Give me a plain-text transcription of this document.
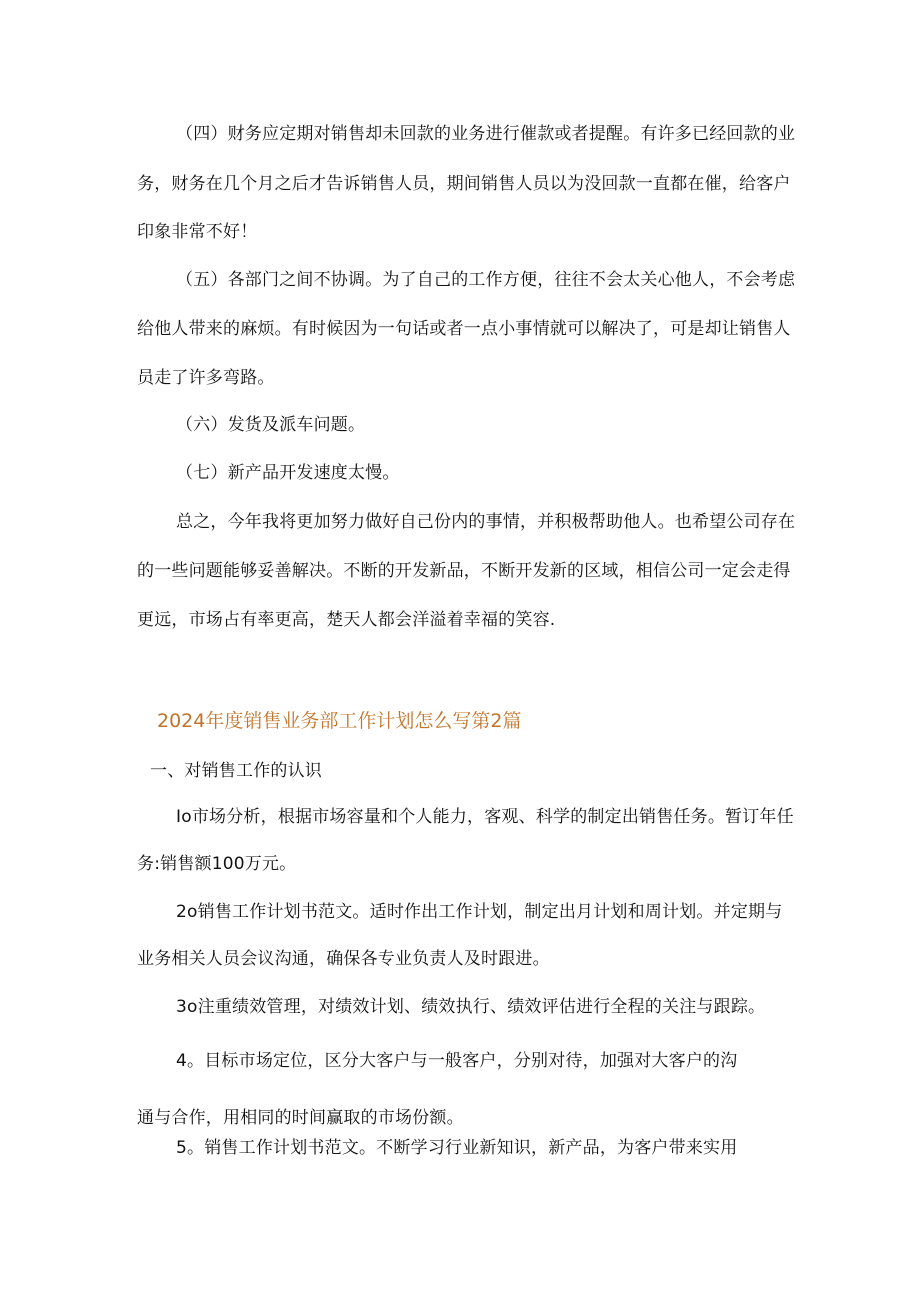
（四）财务应定期对销售却未回款的业务进行催款或者提醒。有许多已经回款的业
务，财务在几个月之后才告诉销售人员，期间销售人员以为没回款一直都在催，给客户
印象非常不好！
（五）各部门之间不协调。为了自己的工作方便，往往不会太关心他人，不会考虑
给他人带来的麻烦。有时候因为一句话或者一点小事情就可以解决了，可是却让销售人
员走了许多弯路。
（六）发货及派车问题。
（七）新产品开发速度太慢。
总之，今年我将更加努力做好自己份内的事情，并积极帮助他人。也希望公司存在
的一些问题能够妥善解决。不断的开发新品，不断开发新的区域，相信公司一定会走得
更远，市场占有率更高，楚天人都会洋溢着幸福的笑容.
2024年度销售业务部工作计划怎么写第2篇
一、对销售工作的认识
Io市场分析，根据市场容量和个人能力，客观、科学的制定出销售任务。暂订年任
务:销售额100万元。
2o销售工作计划书范文。适时作出工作计划，制定出月计划和周计划。并定期与
业务相关人员会议沟通，确保各专业负责人及时跟进。
3o注重绩效管理，对绩效计划、绩效执行、绩效评估进行全程的关注与跟踪。
4。目标市场定位，区分大客户与一般客户，分别对待，加强对大客户的沟
通与合作，用相同的时间赢取的市场份额。
5。销售工作计划书范文。不断学习行业新知识，新产品，为客户带来实用
